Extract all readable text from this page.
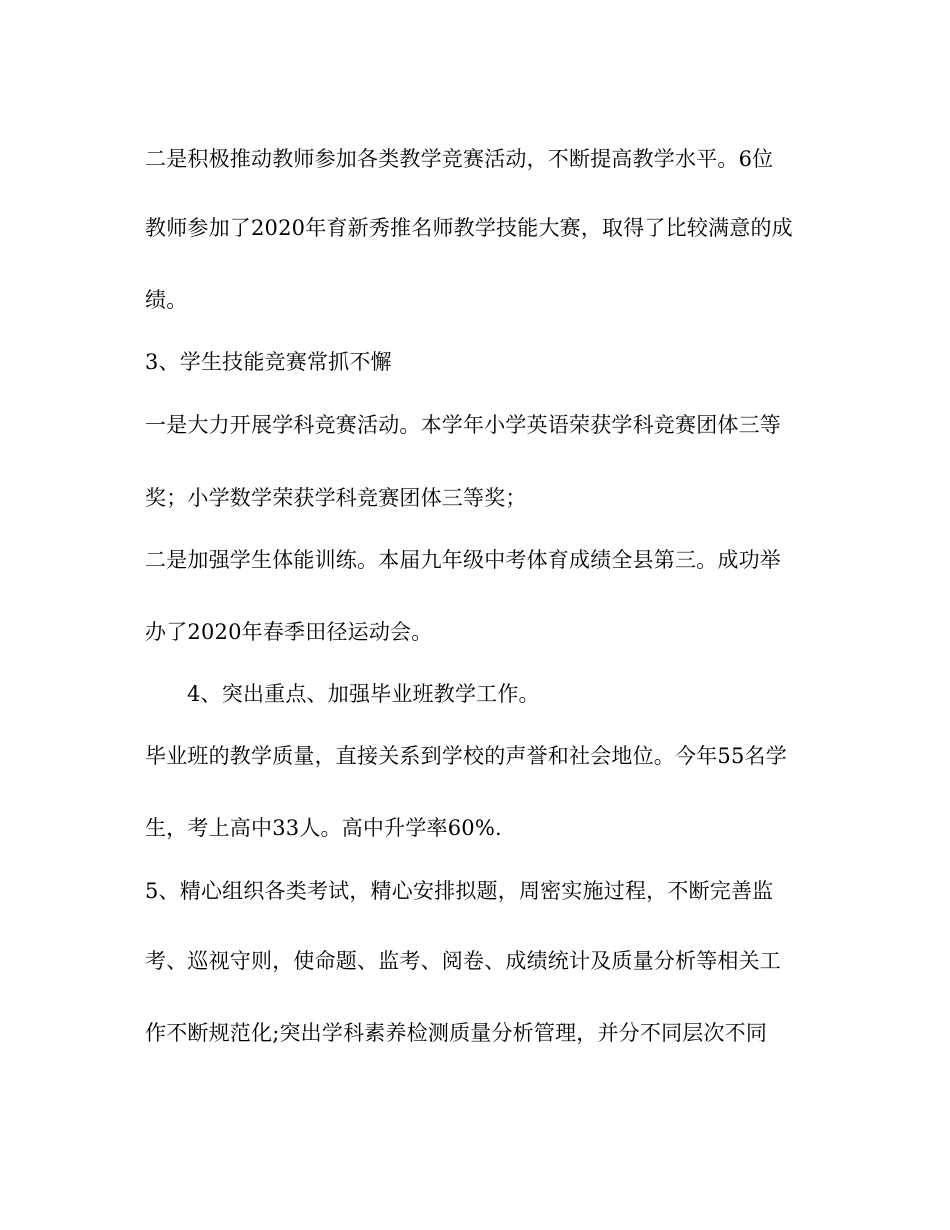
二是积极推动教师参加各类教学竞赛活动，不断提高教学水平。6位
教师参加了2020年育新秀推名师教学技能大赛，取得了比较满意的成
绩。
3、学生技能竞赛常抓不懈
一是大力开展学科竞赛活动。本学年小学英语荣获学科竞赛团体三等
奖；小学数学荣获学科竞赛团体三等奖；
二是加强学生体能训练。本届九年级中考体育成绩全县第三。成功举
办了2020年春季田径运动会。
4、突出重点、加强毕业班教学工作。
毕业班的教学质量，直接关系到学校的声誉和社会地位。今年55名学
生，考上高中33人。高中升学率60%.
5、精心组织各类考试，精心安排拟题，周密实施过程，不断完善监
考、巡视守则，使命题、监考、阅卷、成绩统计及质量分析等相关工
作不断规范化;突出学科素养检测质量分析管理，并分不同层次不同
